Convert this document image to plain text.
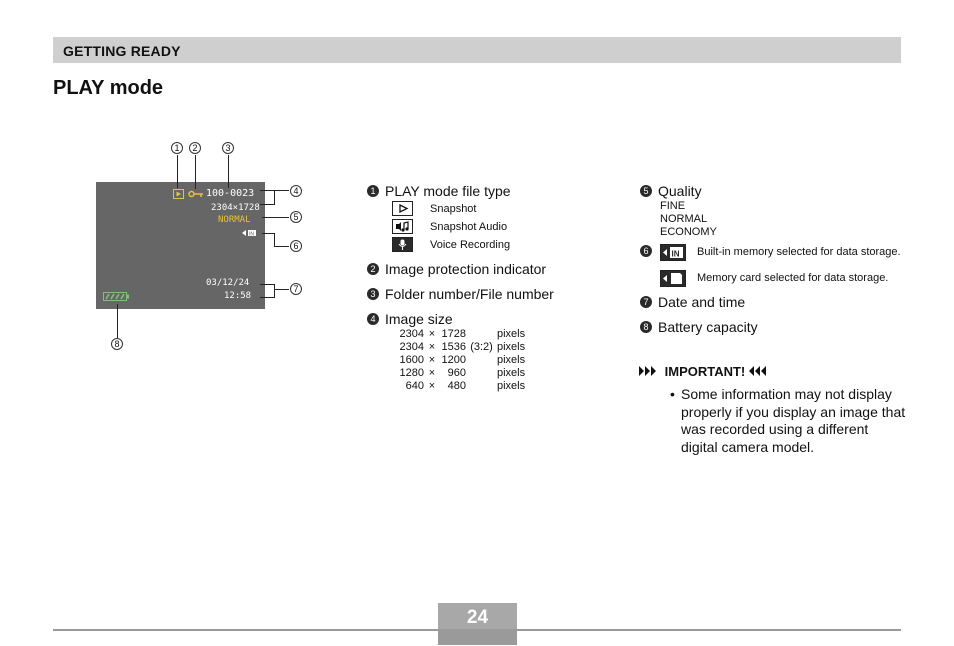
GETTING READY
PLAY mode
100-0023
2304×1728
NORMAL
IN
03/12/24
12:58
1	2	3
4
5
6
7
8
1 PLAY mode file type
Snapshot
Snapshot Audio
Voice Recording
2 Image protection indicator
3 Folder number/File number
4 Image size
2304	×	1728		pixels
2304	×	1536	(3:2)	pixels
1600	×	1200		pixels
1280	×	960		pixels
640	×	480		pixels
5 Quality
FINE
NORMAL
ECONOMY
6	IN Built-in memory selected for data storage.
Memory card selected for data storage.
7 Date and time
8 Battery capacity
IMPORTANT!
• Some information may not display properly if you display an image that was recorded using a different digital camera model.
24
